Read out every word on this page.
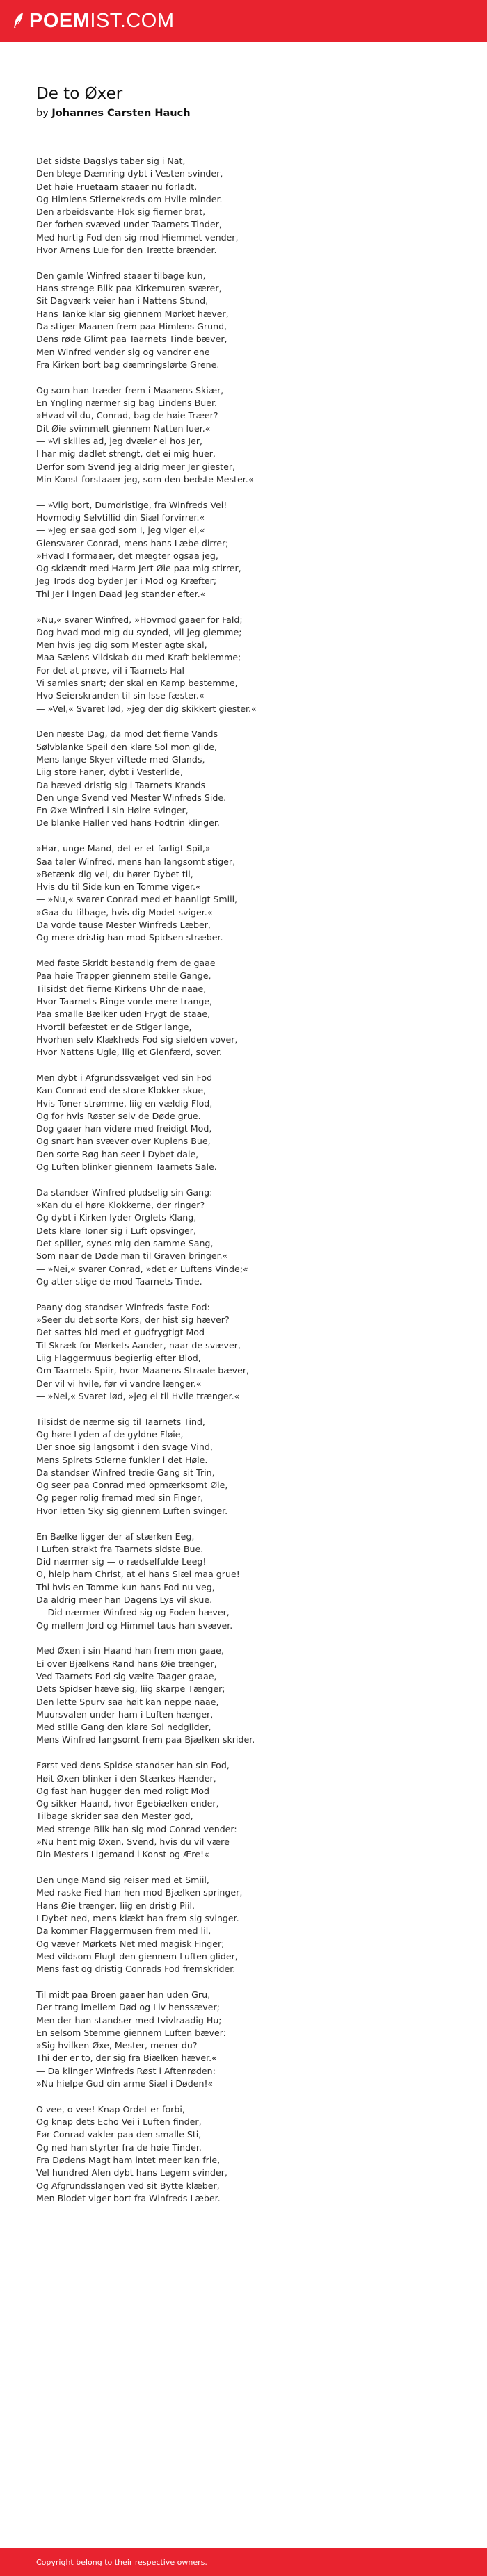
POEM IST.COM
De to Øxer
by Johannes Carsten Hauch

Det sidste Dagslys taber sig i Nat,
Den blege Dæmring dybt i Vesten svinder,
Det høie Fruetaarn staaer nu forladt,
Og Himlens Stiernekreds om Hvile minder.
Den arbeidsvante Flok sig fierner brat,
Der forhen svæved under Taarnets Tinder,
Med hurtig Fod den sig mod Hiemmet vender,
Hvor Arnens Lue for den Trætte brænder.

Den gamle Winfred staaer tilbage kun,
Hans strenge Blik paa Kirkemuren sværer,
Sit Dagværk veier han i Nattens Stund,
Hans Tanke klar sig giennem Mørket hæver,
Da stiger Maanen frem paa Himlens Grund,
Dens røde Glimt paa Taarnets Tinde bæver,
Men Winfred vender sig og vandrer ene
Fra Kirken bort bag dæmringslørte Grene.

Og som han træder frem i Maanens Skiær,
En Yngling nærmer sig bag Lindens Buer.
»Hvad vil du, Conrad, bag de høie Træer?
Dit Øie svimmelt giennem Natten luer.«
— »Vi skilles ad, jeg dvæler ei hos Jer,
I har mig dadlet strengt, det ei mig huer,
Derfor som Svend jeg aldrig meer Jer giester,
Min Konst forstaaer jeg, som den bedste Mester.«

— »Viig bort, Dumdristige, fra Winfreds Vei!
Hovmodig Selvtillid din Siæl forvirrer.«
— »Jeg er saa god som I, jeg viger ei,«
Giensvarer Conrad, mens hans Læbe dirrer;
»Hvad I formaaer, det mægter ogsaa jeg,
Og skiændt med Harm Jert Øie paa mig stirrer,
Jeg Trods dog byder Jer i Mod og Kræfter;
Thi Jer i ingen Daad jeg stander efter.«

»Nu,« svarer Winfred, »Hovmod gaaer for Fald;
Dog hvad mod mig du synded, vil jeg glemme;
Men hvis jeg dig som Mester agte skal,
Maa Sælens Vildskab du med Kraft beklemme;
For det at prøve, vil i Taarnets Hal
Vi samles snart; der skal en Kamp bestemme,
Hvo Seierskranden til sin Isse fæster.«
— »Vel,« Svaret lød, »jeg der dig skikkert giester.«

Den næste Dag, da mod det fierne Vands
Sølvblanke Speil den klare Sol mon glide,
Mens lange Skyer viftede med Glands,
Liig store Faner, dybt i Vesterlide,
Da hæved dristig sig i Taarnets Krands
Den unge Svend ved Mester Winfreds Side.
En Øxe Winfred i sin Høire svinger,
De blanke Haller ved hans Fodtrin klinger.

»Hør, unge Mand, det er et farligt Spil,»
Saa taler Winfred, mens han langsomt stiger,
»Betænk dig vel, du hører Dybet til,
Hvis du til Side kun en Tomme viger.«
— »Nu,« svarer Conrad med et haanligt Smiil,
»Gaa du tilbage, hvis dig Modet sviger.«
Da vorde tause Mester Winfreds Læber,
Og mere dristig han mod Spidsen stræber.

Med faste Skridt bestandig frem de gaae
Paa høie Trapper giennem steile Gange,
Tilsidst det fierne Kirkens Uhr de naae,
Hvor Taarnets Ringe vorde mere trange,
Paa smalle Bælker uden Frygt de staae,
Hvortil befæstet er de Stiger lange,
Hvorhen selv Klækheds Fod sig sielden vover,
Hvor Nattens Ugle, liig et Gienfærd, sover.

Men dybt i Afgrundssvælget ved sin Fod
Kan Conrad end de store Klokker skue,
Hvis Toner strømme, liig en vældig Flod,
Og for hvis Røster selv de Døde grue.
Dog gaaer han videre med freidigt Mod,
Og snart han svæver over Kuplens Bue,
Den sorte Røg han seer i Dybet dale,
Og Luften blinker giennem Taarnets Sale.

Da standser Winfred pludselig sin Gang:
»Kan du ei høre Klokkerne, der ringer?
Og dybt i Kirken lyder Orglets Klang,
Dets klare Toner sig i Luft opsvinger,
Det spiller, synes mig den samme Sang,
Som naar de Døde man til Graven bringer.«
— »Nei,« svarer Conrad, »det er Luftens Vinde;«
Og atter stige de mod Taarnets Tinde.

Paany dog standser Winfreds faste Fod:
»Seer du det sorte Kors, der hist sig hæver?
Det sattes hid med et gudfrygtigt Mod
Til Skræk for Mørkets Aander, naar de svæver,
Liig Flaggermuus begierlig efter Blod,
Om Taarnets Spiir, hvor Maanens Straale bæver,
Der vil vi hvile, før vi vandre længer.«
— »Nei,« Svaret lød, »jeg ei til Hvile trænger.«

Tilsidst de nærme sig til Taarnets Tind,
Og høre Lyden af de gyldne Fløie,
Der snoe sig langsomt i den svage Vind,
Mens Spirets Stierne funkler i det Høie.
Da standser Winfred tredie Gang sit Trin,
Og seer paa Conrad med opmærksomt Øie,
Og peger rolig fremad med sin Finger,
Hvor letten Sky sig giennem Luften svinger.

En Bælke ligger der af stærken Eeg,
I Luften strakt fra Taarnets sidste Bue.
Did nærmer sig — o rædselfulde Leeg!
O, hielp ham Christ, at ei hans Siæl maa grue!
Thi hvis en Tomme kun hans Fod nu veg,
Da aldrig meer han Dagens Lys vil skue.
— Did nærmer Winfred sig og Foden hæver,
Og mellem Jord og Himmel taus han svæver.

Med Øxen i sin Haand han frem mon gaae,
Ei over Bjælkens Rand hans Øie trænger,
Ved Taarnets Fod sig vælte Taager graae,
Dets Spidser hæve sig, liig skarpe Tænger;
Den lette Spurv saa høit kan neppe naae,
Muursvalen under ham i Luften hænger,
Med stille Gang den klare Sol nedglider,
Mens Winfred langsomt frem paa Bjælken skrider.

Først ved dens Spidse standser han sin Fod,
Høit Øxen blinker i den Stærkes Hænder,
Og fast han hugger den med roligt Mod
Og sikker Haand, hvor Egebiælken ender,
Tilbage skrider saa den Mester god,
Med strenge Blik han sig mod Conrad vender:
»Nu hent mig Øxen, Svend, hvis du vil være
Din Mesters Ligemand i Konst og Ære!«

Den unge Mand sig reiser med et Smiil,
Med raske Fied han hen mod Bjælken springer,
Hans Øie trænger, liig en dristig Piil,
I Dybet ned, mens kiækt han frem sig svinger.
Da kommer Flaggermusen frem med Iil,
Og væver Mørkets Net med magisk Finger;
Med vildsom Flugt den giennem Luften glider,
Mens fast og dristig Conrads Fod fremskrider.

Til midt paa Broen gaaer han uden Gru,
Der trang imellem Død og Liv henssæver;
Men der han standser med tvivlraadig Hu;
En selsom Stemme giennem Luften bæver:
»Sig hvilken Øxe, Mester, mener du?
Thi der er to, der sig fra Biælken hæver.«
— Da klinger Winfreds Røst i Aftenrøden:
»Nu hielpe Gud din arme Siæl i Døden!«

O vee, o vee! Knap Ordet er forbi,
Og knap dets Echo Vei i Luften finder,
Før Conrad vakler paa den smalle Sti,
Og ned han styrter fra de høie Tinder.
Fra Dødens Magt ham intet meer kan frie,
Vel hundred Alen dybt hans Legem svinder,
Og Afgrundsslangen ved sit Bytte klæber,
Men Blodet viger bort fra Winfreds Læber.

Copyright belong to their respective owners.
